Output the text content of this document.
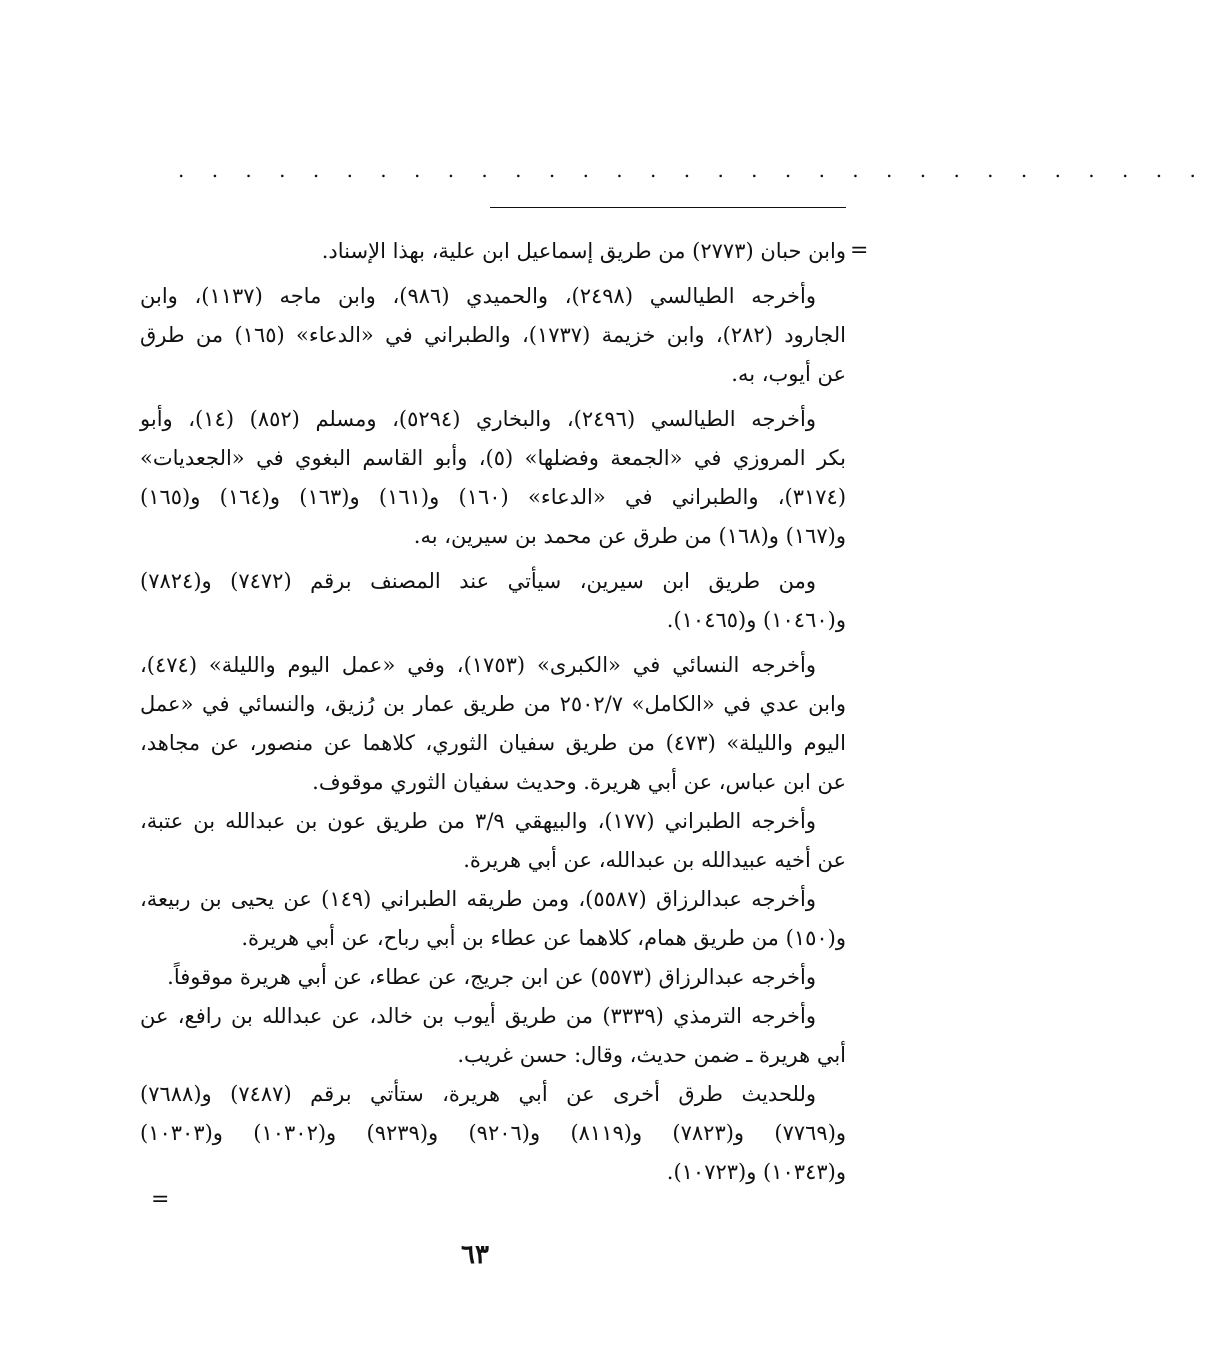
. . . . . . . . . . . . . . . . . . . . . . . . . . . . . . .
=
وابن حبان (٢٧٧٣) من طريق إسماعيل ابن علية، بهذا الإسناد.
وأخرجه الطيالسي (٢٤٩٨)، والحميدي (٩٨٦)، وابن ماجه (١١٣٧)، وابن
الجارود (٢٨٢)، وابن خزيمة (١٧٣٧)، والطبراني في «الدعاء» (١٦٥) من طرق
عن أيوب، به.
وأخرجه الطيالسي (٢٤٩٦)، والبخاري (٥٢٩٤)، ومسلم (٨٥٢) (١٤)، وأبو
بكر المروزي في «الجمعة وفضلها» (٥)، وأبو القاسم البغوي في «الجعديات»
(٣١٧٤)، والطبراني في «الدعاء» (١٦٠) و(١٦١) و(١٦٣) و(١٦٤) و(١٦٥)
و(١٦٧) و(١٦٨) من طرق عن محمد بن سيرين، به.
ومن طريق ابن سيرين، سيأتي عند المصنف برقم (٧٤٧٢) و(٧٨٢٤)
و(١٠٤٦٠) و(١٠٤٦٥).
وأخرجه النسائي في «الكبرى» (١٧٥٣)، وفي «عمل اليوم والليلة» (٤٧٤)،
وابن عدي في «الكامل» ٢٥٠٢/٧ من طريق عمار بن رُزيق، والنسائي في «عمل
اليوم والليلة» (٤٧٣) من طريق سفيان الثوري، كلاهما عن منصور، عن مجاهد،
عن ابن عباس، عن أبي هريرة. وحديث سفيان الثوري موقوف.
وأخرجه الطبراني (١٧٧)، والبيهقي ٣/٩ من طريق عون بن عبدالله بن عتبة،
عن أخيه عبيدالله بن عبدالله، عن أبي هريرة.
وأخرجه عبدالرزاق (٥٥٨٧)، ومن طريقه الطبراني (١٤٩) عن يحيى بن ربيعة،
و(١٥٠) من طريق همام، كلاهما عن عطاء بن أبي رباح، عن أبي هريرة.
وأخرجه عبدالرزاق (٥٥٧٣) عن ابن جريج، عن عطاء، عن أبي هريرة موقوفاً.
وأخرجه الترمذي (٣٣٣٩) من طريق أيوب بن خالد، عن عبدالله بن رافع، عن
أبي هريرة ـ ضمن حديث، وقال: حسن غريب.
وللحديث طرق أخرى عن أبي هريرة، ستأتي برقم (٧٤٨٧) و(٧٦٨٨)
و(٧٧٦٩) و(٧٨٢٣) و(٨١١٩) و(٩٢٠٦) و(٩٢٣٩) و(١٠٣٠٢) و(١٠٣٠٣)
و(١٠٣٤٣) و(١٠٧٢٣).
=
٦٣
